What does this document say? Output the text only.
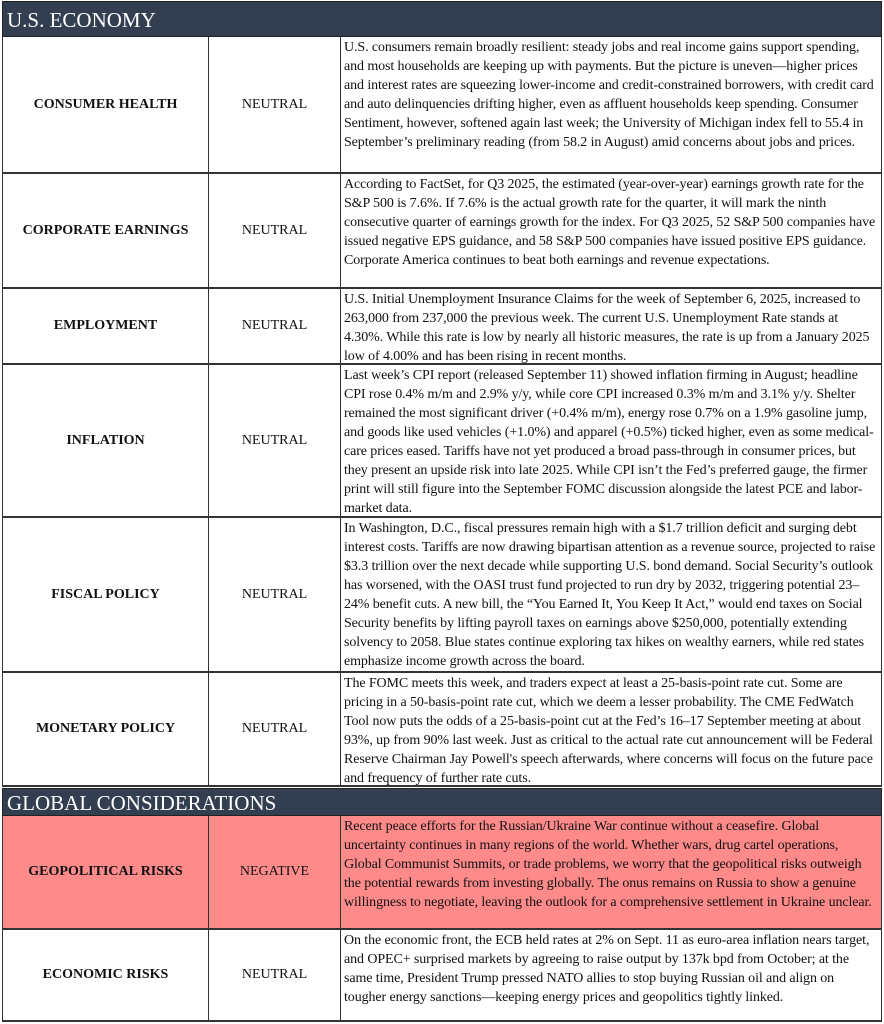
U.S. ECONOMY
CONSUMER HEALTH	NEUTRAL
U.S. consumers remain broadly resilient: steady jobs and real income gains support spending, and most households are keeping up with payments. But the picture is uneven—higher prices and interest rates are squeezing lower-income and credit-constrained borrowers, with credit card and auto delinquencies drifting higher, even as affluent households keep spending. Consumer Sentiment, however, softened again last week; the University of Michigan index fell to 55.4 in September’s preliminary reading (from 58.2 in August) amid concerns about jobs and prices.
CORPORATE EARNINGS	NEUTRAL
According to FactSet, for Q3 2025, the estimated (year-over-year) earnings growth rate for the S&P 500 is 7.6%. If 7.6% is the actual growth rate for the quarter, it will mark the ninth consecutive quarter of earnings growth for the index. For Q3 2025, 52 S&P 500 companies have issued negative EPS guidance, and 58 S&P 500 companies have issued positive EPS guidance. Corporate America continues to beat both earnings and revenue expectations.
EMPLOYMENT	NEUTRAL
U.S. Initial Unemployment Insurance Claims for the week of September 6, 2025, increased to 263,000 from 237,000 the previous week. The current U.S. Unemployment Rate stands at 4.30%. While this rate is low by nearly all historic measures, the rate is up from a January 2025 low of 4.00% and has been rising in recent months.
INFLATION	NEUTRAL
Last week’s CPI report (released September 11) showed inflation firming in August; headline CPI rose 0.4% m/m and 2.9% y/y, while core CPI increased 0.3% m/m and 3.1% y/y. Shelter remained the most significant driver (+0.4% m/m), energy rose 0.7% on a 1.9% gasoline jump, and goods like used vehicles (+1.0%) and apparel (+0.5%) ticked higher, even as some medical-care prices eased. Tariffs have not yet produced a broad pass-through in consumer prices, but they present an upside risk into late 2025. While CPI isn’t the Fed’s preferred gauge, the firmer print will still figure into the September FOMC discussion alongside the latest PCE and labor-market data.
FISCAL POLICY	NEUTRAL
In Washington, D.C., fiscal pressures remain high with a $1.7 trillion deficit and surging debt interest costs. Tariffs are now drawing bipartisan attention as a revenue source, projected to raise $3.3 trillion over the next decade while supporting U.S. bond demand. Social Security’s outlook has worsened, with the OASI trust fund projected to run dry by 2032, triggering potential 23–24% benefit cuts. A new bill, the “You Earned It, You Keep It Act,” would end taxes on Social Security benefits by lifting payroll taxes on earnings above $250,000, potentially extending solvency to 2058. Blue states continue exploring tax hikes on wealthy earners, while red states emphasize income growth across the board.
MONETARY POLICY	NEUTRAL
The FOMC meets this week, and traders expect at least a 25-basis-point rate cut. Some are pricing in a 50-basis-point rate cut, which we deem a lesser probability. The CME FedWatch Tool now puts the odds of a 25-basis-point cut at the Fed’s 16–17 September meeting at about 93%, up from 90% last week. Just as critical to the actual rate cut announcement will be Federal Reserve Chairman Jay Powell's speech afterwards, where concerns will focus on the future pace and frequency of further rate cuts.
GLOBAL CONSIDERATIONS
GEOPOLITICAL RISKS	NEGATIVE
Recent peace efforts for the Russian/Ukraine War continue without a ceasefire. Global uncertainty continues in many regions of the world. Whether wars, drug cartel operations, Global Communist Summits, or trade problems, we worry that the geopolitical risks outweigh the potential rewards from investing globally. The onus remains on Russia to show a genuine willingness to negotiate, leaving the outlook for a comprehensive settlement in Ukraine unclear.
ECONOMIC RISKS	NEUTRAL
On the economic front, the ECB held rates at 2% on Sept. 11 as euro-area inflation nears target, and OPEC+ surprised markets by agreeing to raise output by 137k bpd from October; at the same time, President Trump pressed NATO allies to stop buying Russian oil and align on tougher energy sanctions—keeping energy prices and geopolitics tightly linked.
